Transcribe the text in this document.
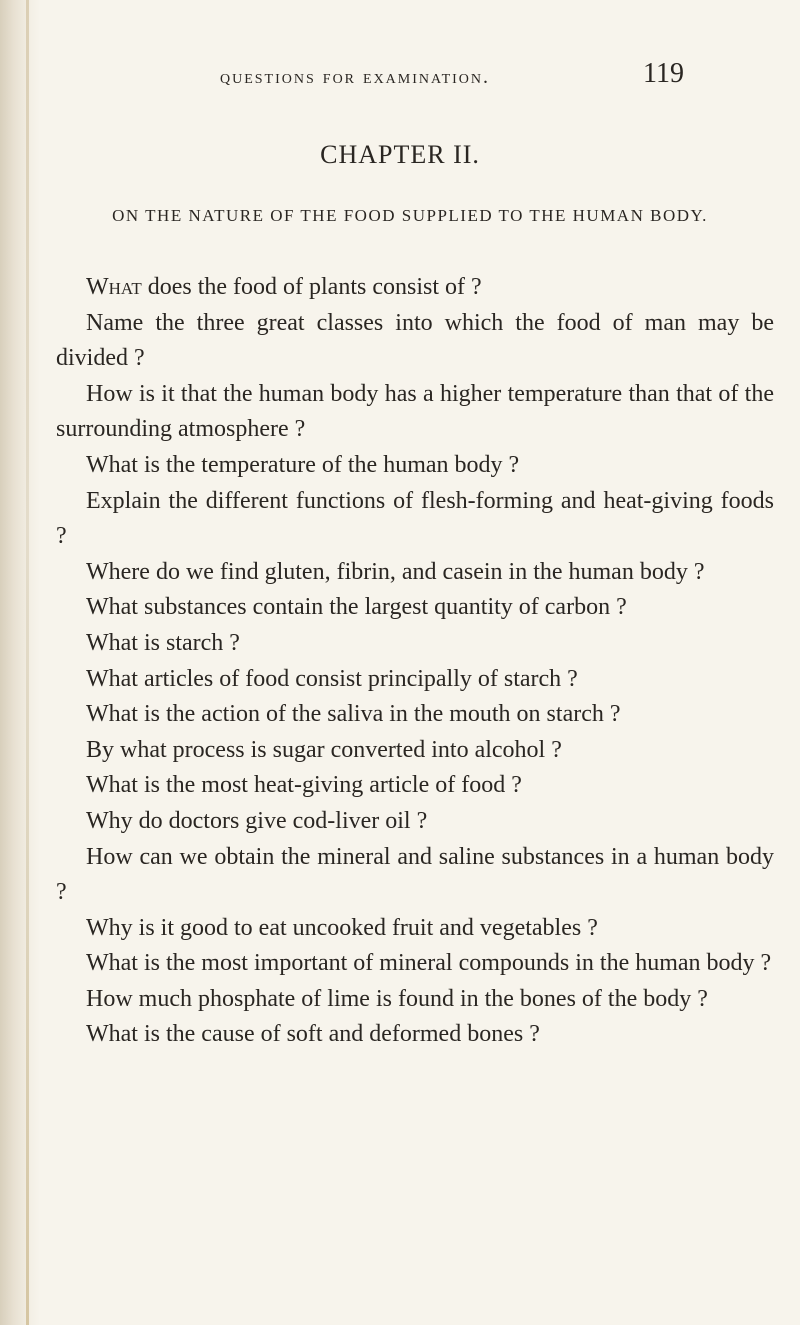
questions for examination.	119
CHAPTER II.
ON THE NATURE OF THE FOOD SUPPLIED TO THE HUMAN BODY.
What does the food of plants consist of ?
Name the three great classes into which the food of man may be divided ?
How is it that the human body has a higher temperature than that of the surrounding atmosphere ?
What is the temperature of the human body ?
Explain the different functions of flesh-forming and heat-giving foods ?
Where do we find gluten, fibrin, and casein in the human body ?
What substances contain the largest quantity of carbon ?
What is starch ?
What articles of food consist principally of starch ?
What is the action of the saliva in the mouth on starch ?
By what process is sugar converted into alcohol ?
What is the most heat-giving article of food ?
Why do doctors give cod-liver oil ?
How can we obtain the mineral and saline substances in a human body ?
Why is it good to eat uncooked fruit and vegetables ?
What is the most important of mineral compounds in the human body ?
How much phosphate of lime is found in the bones of the body ?
What is the cause of soft and deformed bones ?
